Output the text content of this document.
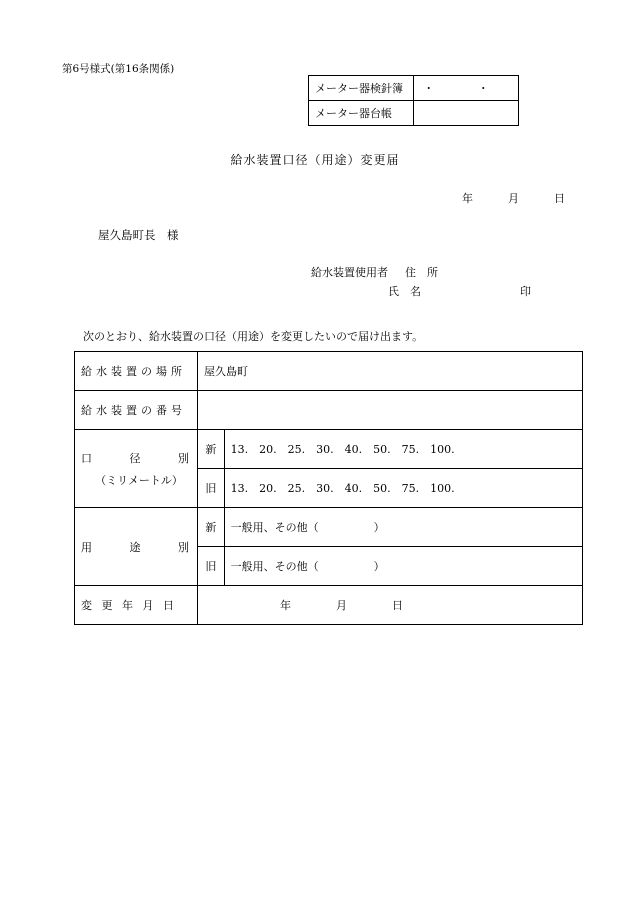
第6号様式(第16条関係)
メーター器検針簿	・ ・
メーター器台帳	
給水装置口径（用途）変更届
年	月	日
屋久島町長　様
給水装置使用者 住　所
氏　名	印
次のとおり、給水装置の口径（用途）を変更したいので届け出ます。
給水装置の場所	屋久島町	
給水装置の番号		

口 径 別
（ミリメートル）	新	13.　20.　25.　30.　40.　50.　75.　100.
	旧	13.　20.　25.　30.　40.　50.　75.　100.

用 途 別	新	一般用、その他（　　　　　）
	旧	一般用、その他（　　　　　）
変 更 年 月 日	年 月 日	
